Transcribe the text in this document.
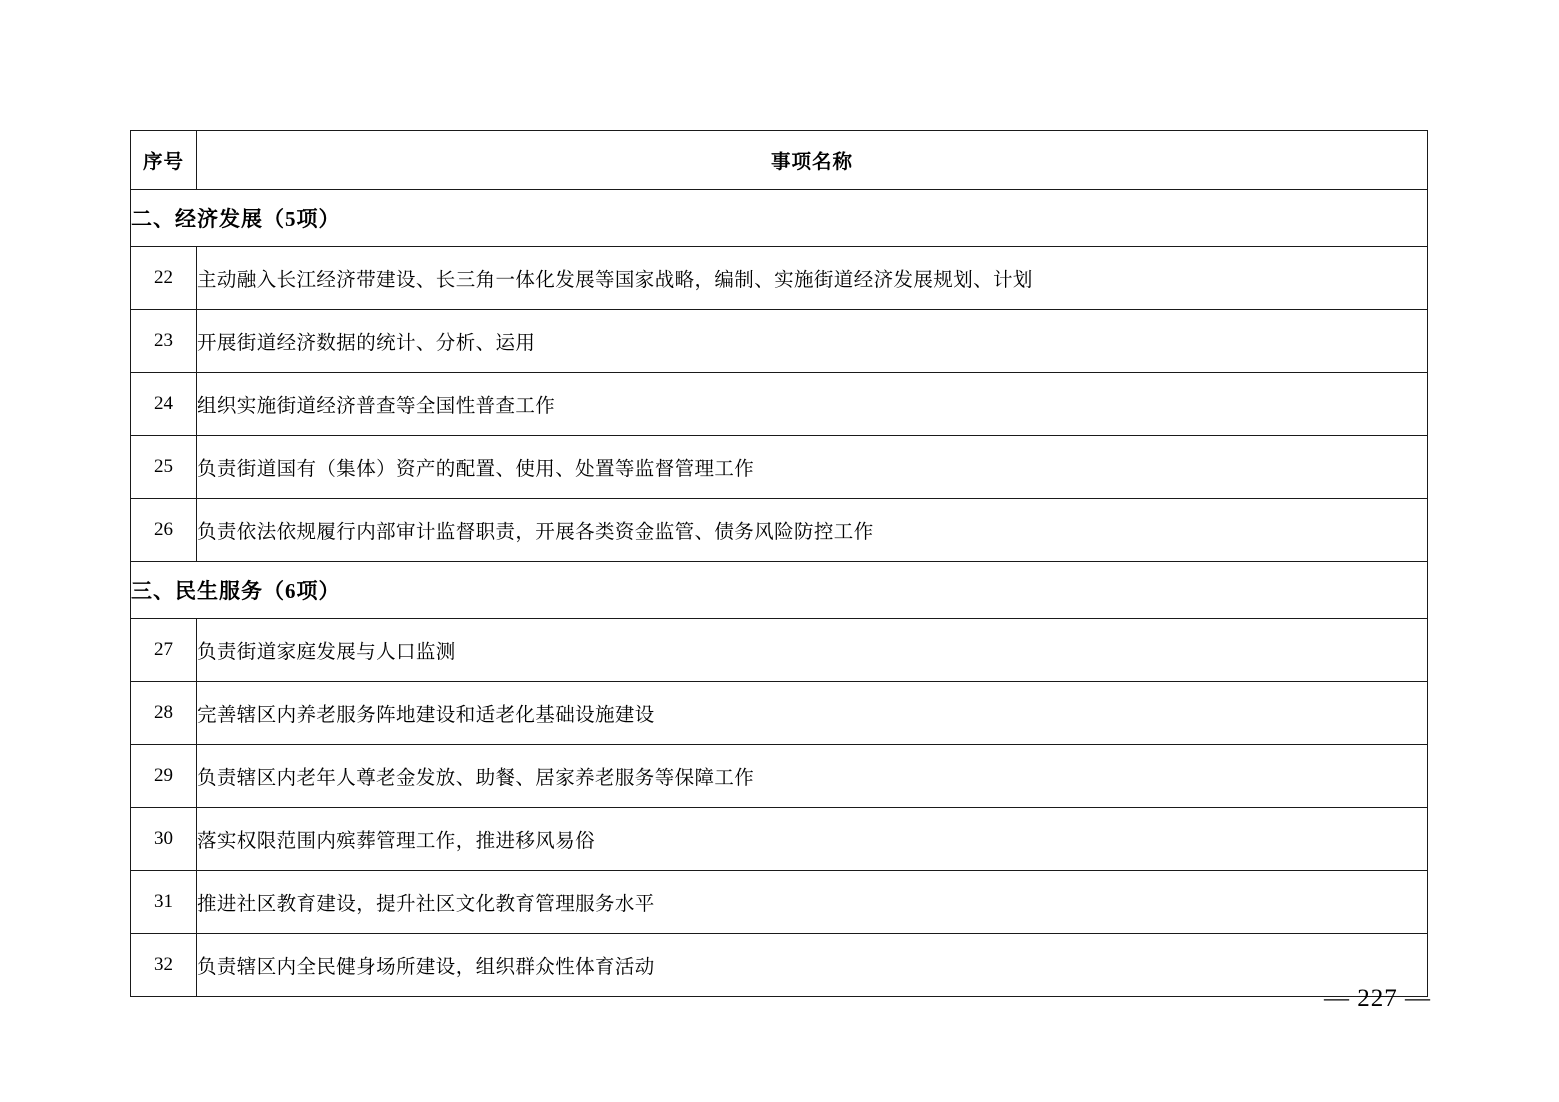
序号	事项名称
二、经济发展（5项）	
22	主动融入长江经济带建设、长三角一体化发展等国家战略，编制、实施街道经济发展规划、计划
23	开展街道经济数据的统计、分析、运用
24	组织实施街道经济普查等全国性普查工作
25	负责街道国有（集体）资产的配置、使用、处置等监督管理工作
26	负责依法依规履行内部审计监督职责，开展各类资金监管、债务风险防控工作
三、民生服务（6项）	
27	负责街道家庭发展与人口监测
28	完善辖区内养老服务阵地建设和适老化基础设施建设
29	负责辖区内老年人尊老金发放、助餐、居家养老服务等保障工作
30	落实权限范围内殡葬管理工作，推进移风易俗
31	推进社区教育建设，提升社区文化教育管理服务水平
32	负责辖区内全民健身场所建设，组织群众性体育活动
— 227 —
